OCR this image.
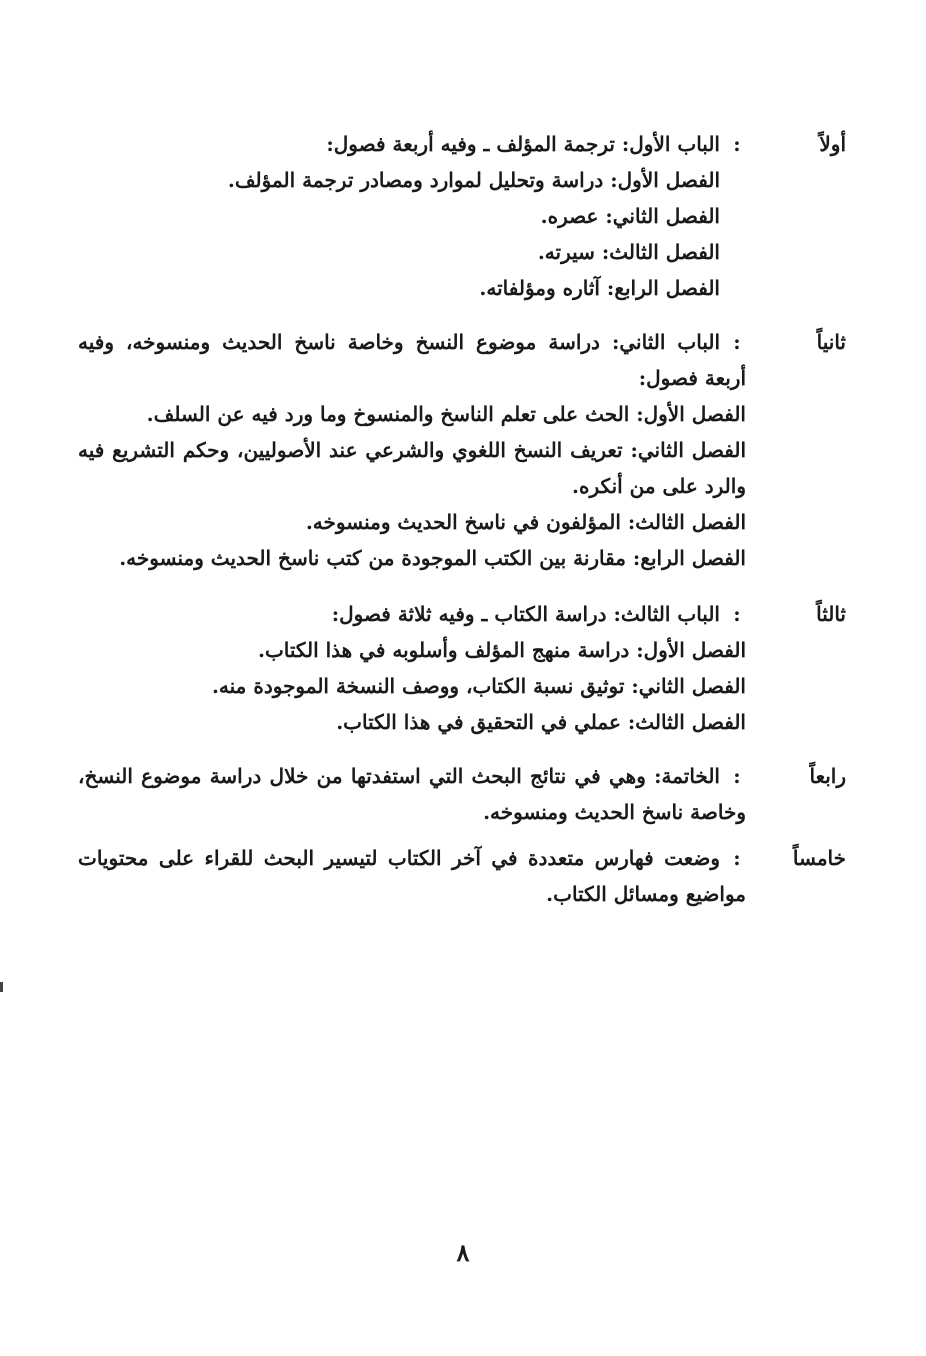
أولاً
:الباب الأول: ترجمة المؤلف ـ وفيه أربعة فصول:
الفصل الأول: دراسة وتحليل لموارد ومصادر ترجمة المؤلف.
الفصل الثاني: عصره.
الفصل الثالث: سيرته.
الفصل الرابع: آثاره ومؤلفاته.
ثانياً
:الباب الثاني: دراسة موضوع النسخ وخاصة ناسخ الحديث ومنسوخه، وفيه أربعة فصول:
الفصل الأول: الحث على تعلم الناسخ والمنسوخ وما ورد فيه عن السلف.
الفصل الثاني: تعريف النسخ اللغوي والشرعي عند الأصوليين، وحكم التشريع فيه والرد على من أنكره.
الفصل الثالث: المؤلفون في ناسخ الحديث ومنسوخه.
الفصل الرابع: مقارنة بين الكتب الموجودة من كتب ناسخ الحديث ومنسوخه.
ثالثاً
:الباب الثالث: دراسة الكتاب ـ وفيه ثلاثة فصول:
الفصل الأول: دراسة منهج المؤلف وأسلوبه في هذا الكتاب.
الفصل الثاني: توثيق نسبة الكتاب، ووصف النسخة الموجودة منه.
الفصل الثالث: عملي في التحقيق في هذا الكتاب.
رابعاً
:الخاتمة: وهي في نتائج البحث التي استفدتها من خلال دراسة موضوع النسخ، وخاصة ناسخ الحديث ومنسوخه.
خامساً
:وضعت فهارس متعددة في آخر الكتاب لتيسير البحث للقراء على محتويات مواضيع ومسائل الكتاب.
٨
